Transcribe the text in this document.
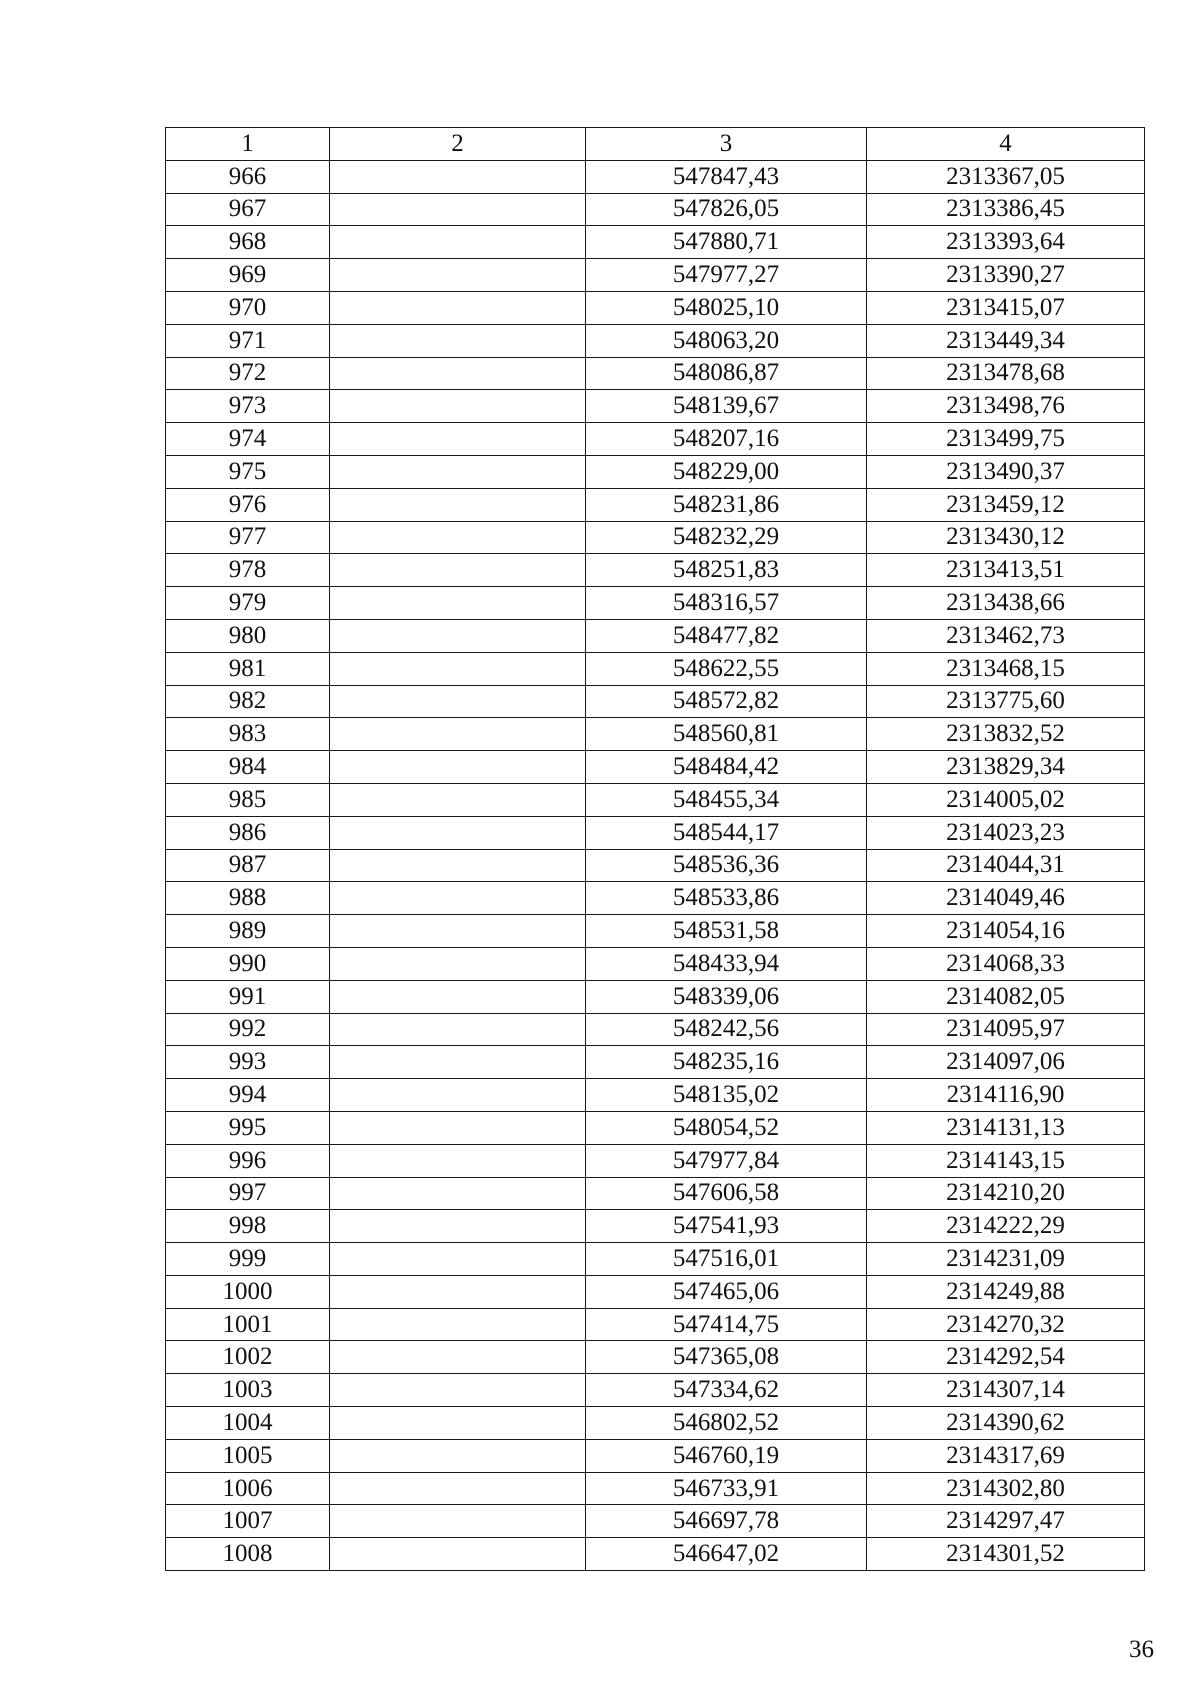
1	2	3	4
966		547847,43	2313367,05
967		547826,05	2313386,45
968		547880,71	2313393,64
969		547977,27	2313390,27
970		548025,10	2313415,07
971		548063,20	2313449,34
972		548086,87	2313478,68
973		548139,67	2313498,76
974		548207,16	2313499,75
975		548229,00	2313490,37
976		548231,86	2313459,12
977		548232,29	2313430,12
978		548251,83	2313413,51
979		548316,57	2313438,66
980		548477,82	2313462,73
981		548622,55	2313468,15
982		548572,82	2313775,60
983		548560,81	2313832,52
984		548484,42	2313829,34
985		548455,34	2314005,02
986		548544,17	2314023,23
987		548536,36	2314044,31
988		548533,86	2314049,46
989		548531,58	2314054,16
990		548433,94	2314068,33
991		548339,06	2314082,05
992		548242,56	2314095,97
993		548235,16	2314097,06
994		548135,02	2314116,90
995		548054,52	2314131,13
996		547977,84	2314143,15
997		547606,58	2314210,20
998		547541,93	2314222,29
999		547516,01	2314231,09
1000		547465,06	2314249,88
1001		547414,75	2314270,32
1002		547365,08	2314292,54
1003		547334,62	2314307,14
1004		546802,52	2314390,62
1005		546760,19	2314317,69
1006		546733,91	2314302,80
1007		546697,78	2314297,47
1008		546647,02	2314301,52
36
